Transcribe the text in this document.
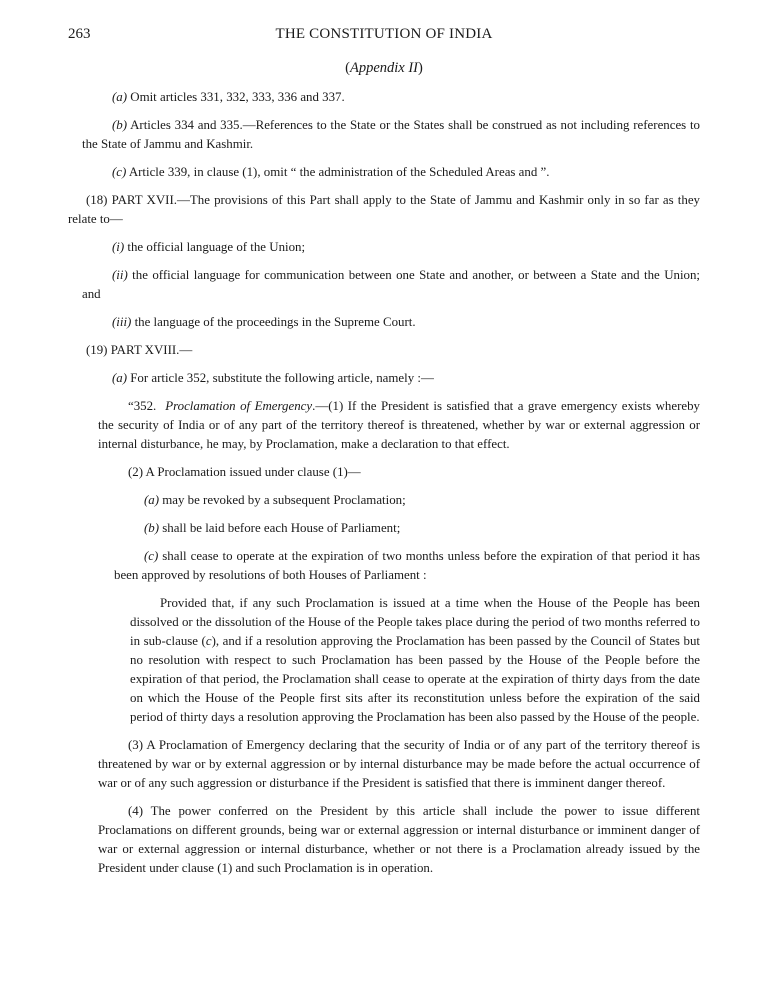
263	THE CONSTITUTION OF INDIA
(Appendix II)

(a) Omit articles 331, 332, 333, 336 and 337.

(b) Articles 334 and 335.—References to the State or the States shall be construed as not including references to the State of Jammu and Kashmir.

(c) Article 339, in clause (1), omit “ the administration of the Scheduled Areas and ”.

(18) PART XVII.—The provisions of this Part shall apply to the State of Jammu and Kashmir only in so far as they relate to—

(i) the official language of the Union;

(ii) the official language for communication between one State and another, or between a State and the Union; and

(iii) the language of the proceedings in the Supreme Court.

(19) PART XVIII.—

(a) For article 352, substitute the following article, namely :—

“352.  Proclamation of Emergency.—(1) If the President is satisfied that a grave emergency exists whereby the security of India or of any part of the territory thereof is threatened, whether by war or external aggression or internal disturbance, he may, by Proclamation, make a declaration to that effect.

(2) A Proclamation issued under clause (1)—

(a) may be revoked by a subsequent Proclamation;

(b) shall be laid before each House of Parliament;

(c) shall cease to operate at the expiration of two months unless before the expiration of that period it has been approved by resolutions of both Houses of Parliament :

Provided that, if any such Proclamation is issued at a time when the House of the People has been dissolved or the dissolution of the House of the People takes place during the period of two months referred to in sub-clause (c), and if a resolution approving the Proclamation has been passed by the Council of States but no resolution with respect to such Proclamation has been passed by the House of the People before the expiration of that period, the Proclamation shall cease to operate at the expiration of thirty days from the date on which the House of the People first sits after its reconstitution unless before the expiration of the said period of thirty days a resolution approving the Proclamation has been also passed by the House of the people.

(3) A Proclamation of Emergency declaring that the security of India or of any part of the territory thereof is threatened by war or by external aggression or by internal disturbance may be made before the actual occurrence of war or of any such aggression or disturbance if the President is satisfied that there is imminent danger thereof.

(4) The power conferred on the President by this article shall include the power to issue different Proclamations on different grounds, being war or external aggression or internal disturbance or imminent danger of war or external aggression or internal disturbance, whether or not there is a Proclamation already issued by the President under clause (1) and such Proclamation is in operation.
